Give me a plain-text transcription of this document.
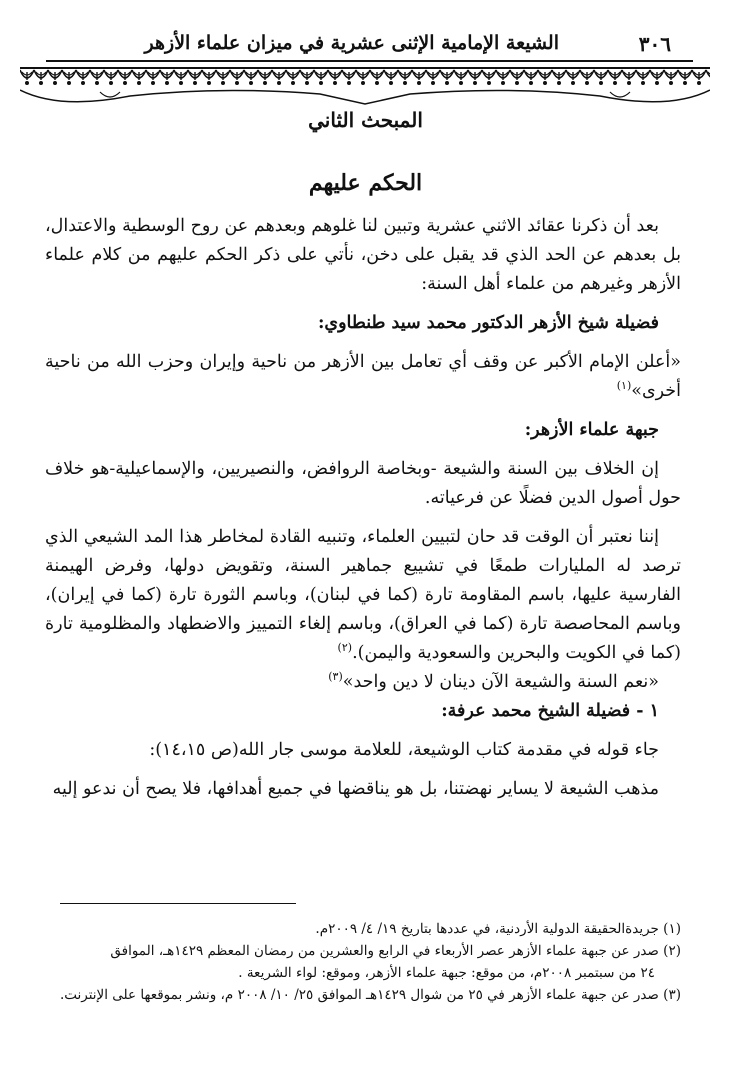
٣٠٦
الشيعة الإمامية الإثنى عشرية في ميزان علماء الأزهر
المبحث الثاني
الحكم عليهم

بعد أن ذكرنا عقائد الاثني عشرية وتبين لنا غلوهم وبعدهم عن روح الوسطية والاعتدال، بل بعدهم عن الحد الذي قد يقبل على دخن، نأتي على ذكر الحكم عليهم من كلام علماء الأزهر وغيرهم من علماء أهل السنة:

فضيلة شيخ الأزهر الدكتور محمد سيد طنطاوي:

«أعلن الإمام الأكبر عن وقف أي تعامل بين الأزهر من ناحية وإيران وحزب الله من ناحية أخرى»$^{(١)}$

جبهة علماء الأزهر:

إن الخلاف بين السنة والشيعة -وبخاصة الروافض، والنصيريين، والإسماعيلية-هو خلاف حول أصول الدين فضلًا عن فرعياته.

إننا نعتبر أن الوقت قد حان لتبيين العلماء، وتنبيه القادة لمخاطر هذا المد الشيعي الذي ترصد له المليارات طمعًا في تشييع جماهير السنة، وتقويض دولها، وفرض الهيمنة الفارسية عليها، باسم المقاومة تارة (كما في لبنان)، وباسم الثورة تارة (كما في إيران)، وباسم المحاصصة تارة (كما في العراق)، وباسم إلغاء التمييز والاضطهاد والمظلومية تارة (كما في الكويت والبحرين والسعودية واليمن).$^{(٢)}$

«نعم السنة والشيعة الآن دينان لا دين واحد»$^{(٣)}$

١ - فضيلة الشيخ محمد عرفة:

جاء قوله في مقدمة كتاب الوشيعة، للعلامة موسى جار الله(ص ١٤،١٥):

مذهب الشيعة لا يساير نهضتنا، بل هو يناقضها في جميع أهدافها، فلا يصح أن ندعو إليه

(١) جريدةالحقيقة الدولية الأردنية، في عددها بتاريخ ١٩/ ٤/ ٢٠٠٩م.

(٢) صدر عن جبهة علماء الأزهر عصر الأربعاء في الرابع والعشرين من رمضان المعظم ١٤٢٩هـ، الموافق

٢٤ من سبتمبر ٢٠٠٨م، من موقع: جبهة علماء الأزهر، وموقع: لواء الشريعة .

(٣) صدر عن جبهة علماء الأزهر في ٢٥ من شوال ١٤٢٩هـ الموافق ٢٥/ ١٠/ ٢٠٠٨ م، ونشر بموقعها على الإنترنت.
